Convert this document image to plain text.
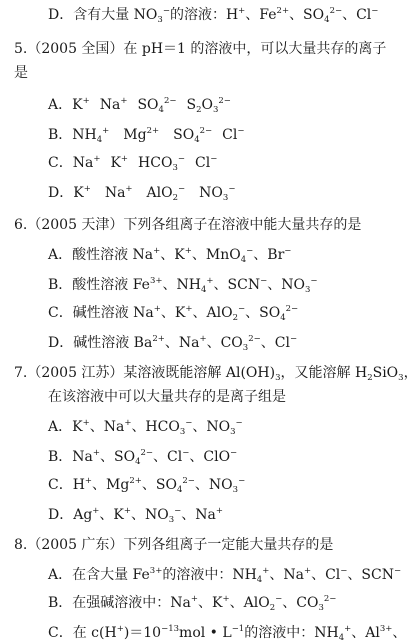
D．含有大量 $NO_3^-$的溶液：H+、$Fe^{2+}$、$SO_4^{2-}$、Cl−
5.（2005 全国）在 pH＝1 的溶液中，可以大量共存的离子
是
A．K+ Na+ $SO_4^{2-}$ $S_2O_3^{2-}$
B．$NH_4^+$ $Mg^{2+}$ $SO_4^{2-}$ Cl−
C．Na+ K+ $HCO_3^-$ Cl−
D．K+ Na+ AlO$_2$− $NO_3^-$
6.（2005 天津）下列各组离子在溶液中能大量共存的是
A．酸性溶液 Na+、K+、MnO$_4$−、Br−
B．酸性溶液 $Fe^{3+}$、$NH_4^+$、SCN−、$NO_3^-$
C．碱性溶液 Na+、K+、AlO$_2$−、$SO_4^{2-}$
D．碱性溶液 $Ba^{2+}$、Na+、$CO_3^{2-}$、Cl−
7.（2005 江苏）某溶液既能溶解 $Al(OH)_3$，又能溶解 $H_2SiO_3$，
在该溶液中可以大量共存的是离子组是
A．K+、Na+、$HCO_3^-$、$NO_3^-$
B．Na+、$SO_4^{2-}$、Cl−、ClO−
C．H+、$Mg^{2+}$、$SO_4^{2-}$、$NO_3^-$
D．Ag+、K+、$NO_3^-$、Na+
8.（2005 广东）下列各组离子一定能大量共存的是
A．在含大量 $Fe^{3+}$的溶液中：$NH_4^+$、Na+、Cl−、SCN−
B．在强碱溶液中：Na+、K+、AlO$_2$−、$CO_3^{2-}$
C．在 $c(H^+)=10^{-13}mol$ • $L^{-1}$的溶液中：$NH_4^+$、$Al^{3+}$、
